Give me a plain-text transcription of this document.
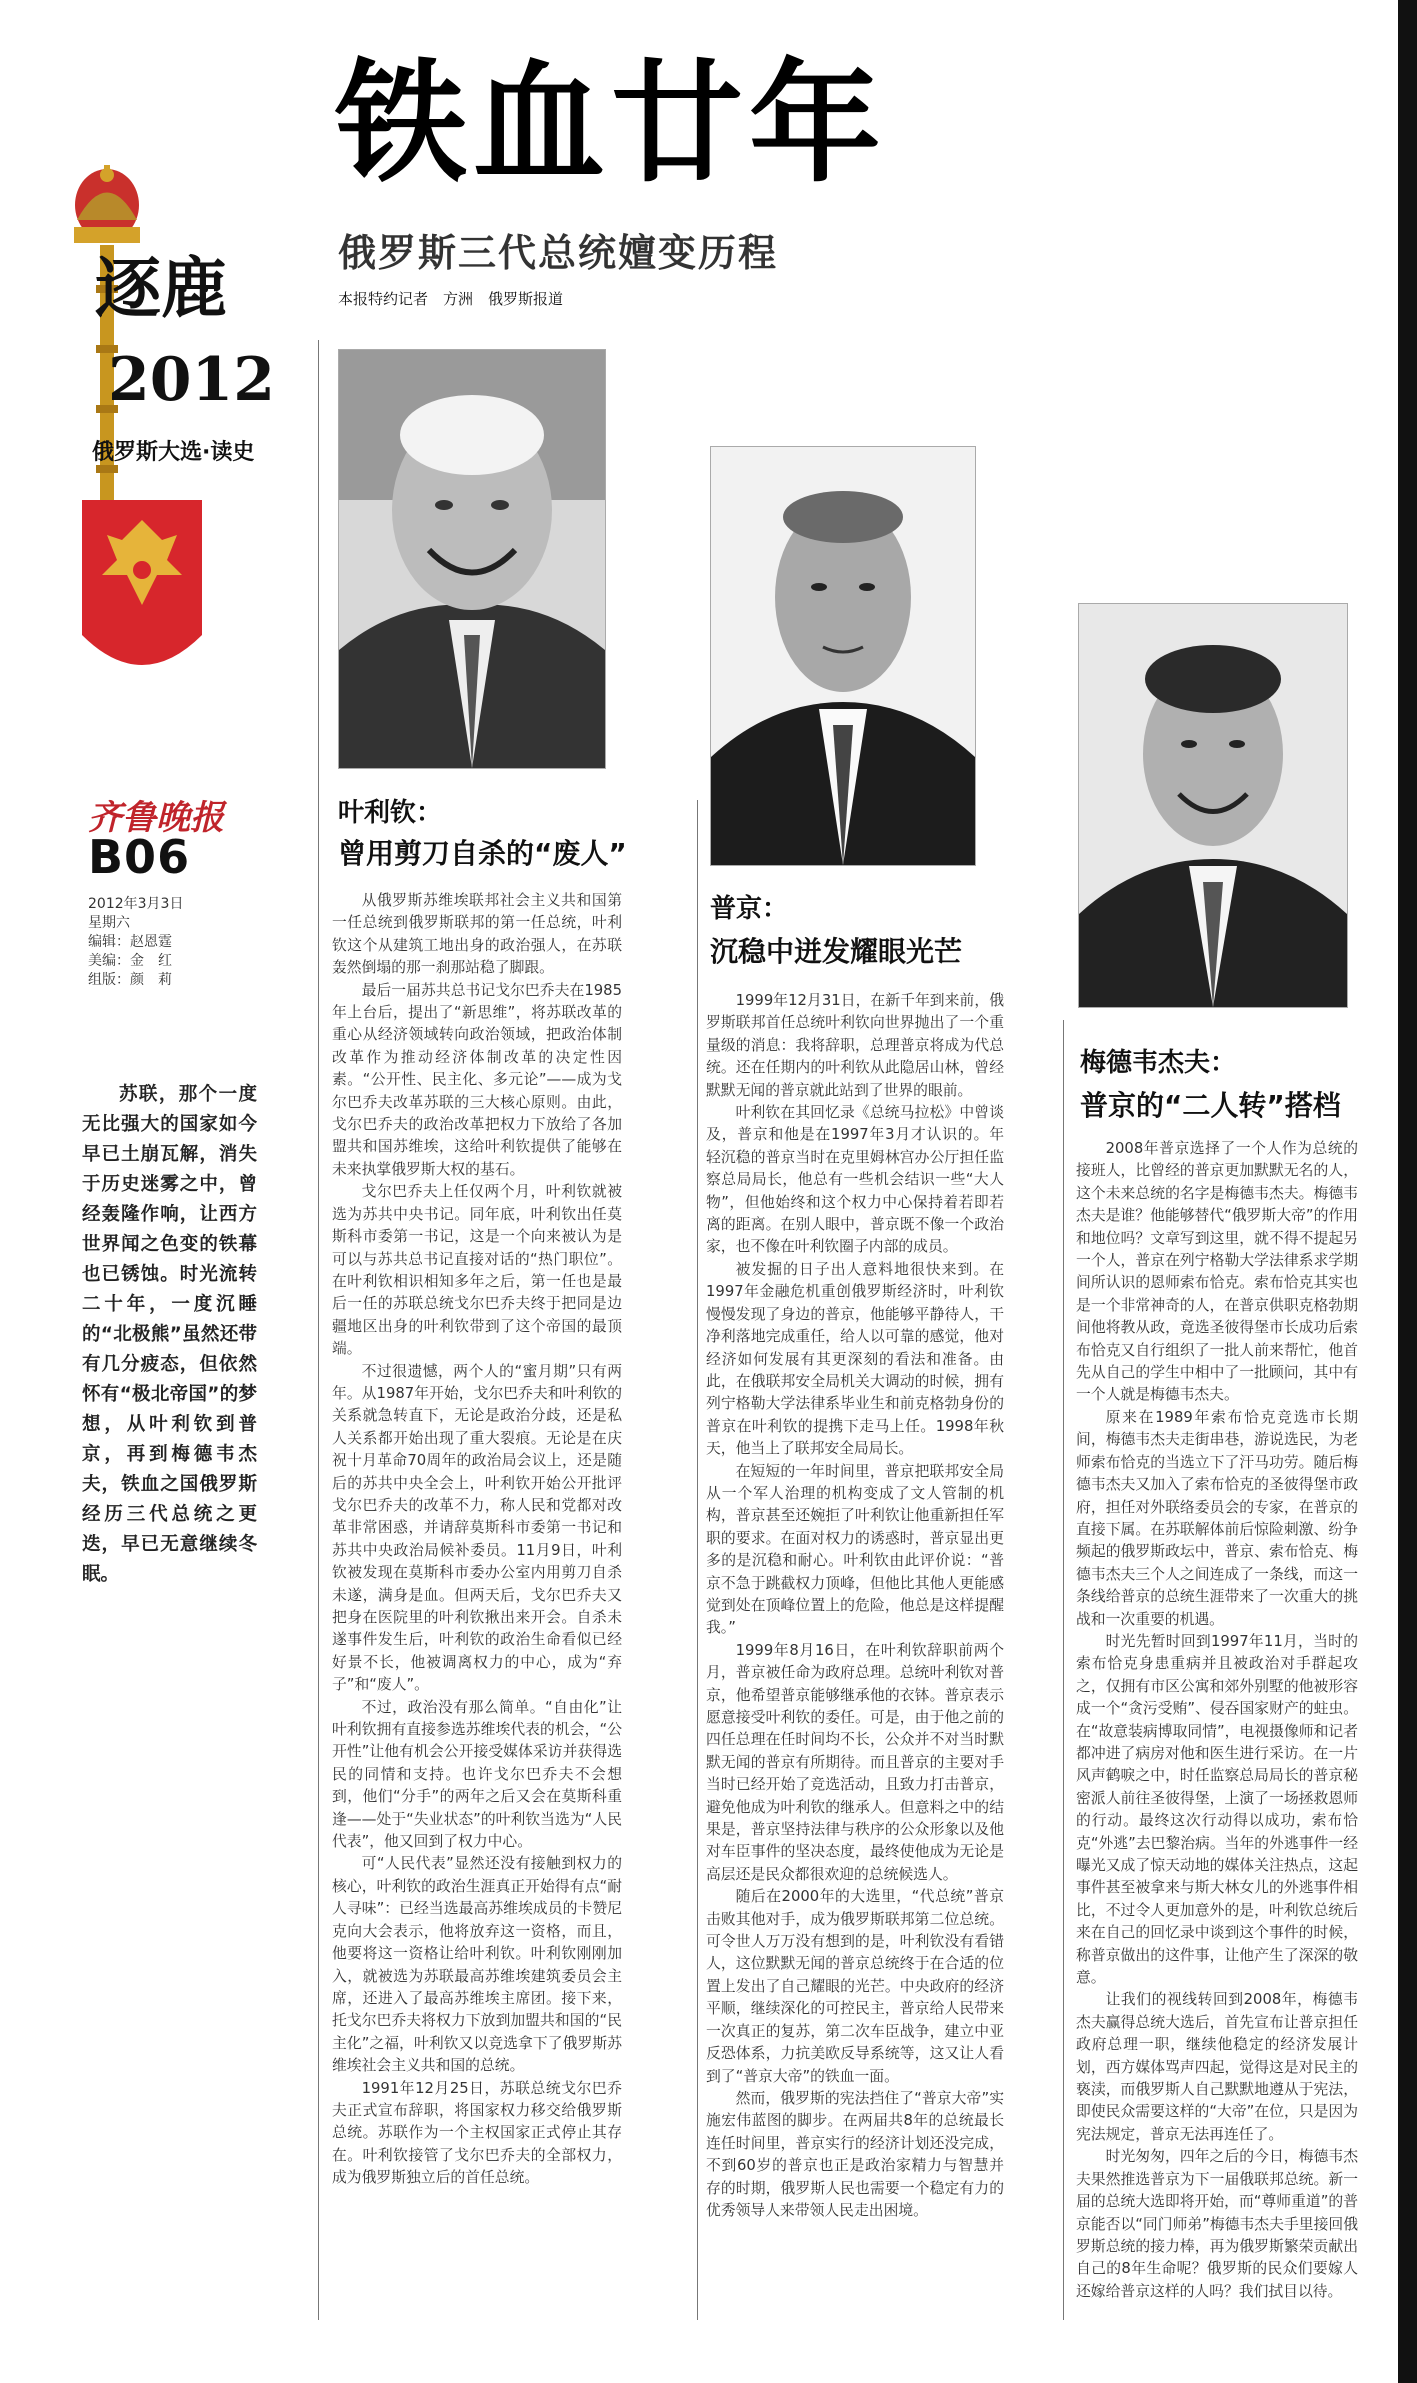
逐鹿
2012
俄罗斯大选·读史
铁血廿年
俄罗斯三代总统嬗变历程
本报特约记者　方洲　俄罗斯报道
齐鲁晚报
B06
2012年3月3日
星期六
编辑：赵恩霆
美编：金　红
组版：颜　莉
苏联，那个一度无比强大的国家如今早已土崩瓦解，消失于历史迷雾之中，曾经轰隆作响，让西方世界闻之色变的铁幕也已锈蚀。时光流转二十年，一度沉睡的“北极熊”虽然还带有几分疲态，但依然怀有“极北帝国”的梦想，从叶利钦到普京，再到梅德韦杰夫，铁血之国俄罗斯经历三代总统之更迭，早已无意继续冬眠。
叶利钦：
曾用剪刀自杀的“废人”
普京：
沉稳中迸发耀眼光芒
梅德韦杰夫：
普京的“二人转”搭档

从俄罗斯苏维埃联邦社会主义共和国第一任总统到俄罗斯联邦的第一任总统，叶利钦这个从建筑工地出身的政治强人，在苏联轰然倒塌的那一刹那站稳了脚跟。

最后一届苏共总书记戈尔巴乔夫在1985年上台后，提出了“新思维”，将苏联改革的重心从经济领域转向政治领域，把政治体制改革作为推动经济体制改革的决定性因素。“公开性、民主化、多元论”——成为戈尔巴乔夫改革苏联的三大核心原则。由此，戈尔巴乔夫的政治改革把权力下放给了各加盟共和国苏维埃，这给叶利钦提供了能够在未来执掌俄罗斯大权的基石。

戈尔巴乔夫上任仅两个月，叶利钦就被选为苏共中央书记。同年底，叶利钦出任莫斯科市委第一书记，这是一个向来被认为是可以与苏共总书记直接对话的“热门职位”。在叶利钦相识相知多年之后，第一任也是最后一任的苏联总统戈尔巴乔夫终于把同是边疆地区出身的叶利钦带到了这个帝国的最顶端。

不过很遗憾，两个人的“蜜月期”只有两年。从1987年开始，戈尔巴乔夫和叶利钦的关系就急转直下，无论是政治分歧，还是私人关系都开始出现了重大裂痕。无论是在庆祝十月革命70周年的政治局会议上，还是随后的苏共中央全会上，叶利钦开始公开批评戈尔巴乔夫的改革不力，称人民和党都对改革非常困惑，并请辞莫斯科市委第一书记和苏共中央政治局候补委员。11月9日，叶利钦被发现在莫斯科市委办公室内用剪刀自杀未遂，满身是血。但两天后，戈尔巴乔夫又把身在医院里的叶利钦揪出来开会。自杀未遂事件发生后，叶利钦的政治生命看似已经好景不长，他被调离权力的中心，成为“弃子”和“废人”。

不过，政治没有那么简单。“自由化”让叶利钦拥有直接参选苏维埃代表的机会，“公开性”让他有机会公开接受媒体采访并获得选民的同情和支持。也许戈尔巴乔夫不会想到，他们“分手”的两年之后又会在莫斯科重逢——处于“失业状态”的叶利钦当选为“人民代表”，他又回到了权力中心。

可“人民代表”显然还没有接触到权力的核心，叶利钦的政治生涯真正开始得有点“耐人寻味”：已经当选最高苏维埃成员的卡赞尼克向大会表示，他将放弃这一资格，而且，他要将这一资格让给叶利钦。叶利钦刚刚加入，就被选为苏联最高苏维埃建筑委员会主席，还进入了最高苏维埃主席团。接下来，托戈尔巴乔夫将权力下放到加盟共和国的“民主化”之福，叶利钦又以竞选拿下了俄罗斯苏维埃社会主义共和国的总统。

1991年12月25日，苏联总统戈尔巴乔夫正式宣布辞职，将国家权力移交给俄罗斯总统。苏联作为一个主权国家正式停止其存在。叶利钦接管了戈尔巴乔夫的全部权力，成为俄罗斯独立后的首任总统。

1999年12月31日，在新千年到来前，俄罗斯联邦首任总统叶利钦向世界抛出了一个重量级的消息：我将辞职，总理普京将成为代总统。还在任期内的叶利钦从此隐居山林，曾经默默无闻的普京就此站到了世界的眼前。

叶利钦在其回忆录《总统马拉松》中曾谈及，普京和他是在1997年3月才认识的。年轻沉稳的普京当时在克里姆林宫办公厅担任监察总局局长，他总有一些机会结识一些“大人物”，但他始终和这个权力中心保持着若即若离的距离。在别人眼中，普京既不像一个政治家，也不像在叶利钦圈子内部的成员。

被发掘的日子出人意料地很快来到。在1997年金融危机重创俄罗斯经济时，叶利钦慢慢发现了身边的普京，他能够平静待人，干净利落地完成重任，给人以可靠的感觉，他对经济如何发展有其更深刻的看法和准备。由此，在俄联邦安全局机关大调动的时候，拥有列宁格勒大学法律系毕业生和前克格勃身份的普京在叶利钦的提携下走马上任。1998年秋天，他当上了联邦安全局局长。

在短短的一年时间里，普京把联邦安全局从一个军人治理的机构变成了文人管制的机构，普京甚至还婉拒了叶利钦让他重新担任军职的要求。在面对权力的诱惑时，普京显出更多的是沉稳和耐心。叶利钦由此评价说：“普京不急于跳截权力顶峰，但他比其他人更能感觉到处在顶峰位置上的危险，他总是这样提醒我。”

1999年8月16日，在叶利钦辞职前两个月，普京被任命为政府总理。总统叶利钦对普京，他希望普京能够继承他的衣钵。普京表示愿意接受叶利钦的委任。可是，由于他之前的四任总理在任时间均不长，公众并不对当时默默无闻的普京有所期待。而且普京的主要对手当时已经开始了竞选活动，且致力打击普京，避免他成为叶利钦的继承人。但意料之中的结果是，普京坚持法律与秩序的公众形象以及他对车臣事件的坚决态度，最终使他成为无论是高层还是民众都很欢迎的总统候选人。

随后在2000年的大选里，“代总统”普京击败其他对手，成为俄罗斯联邦第二位总统。可令世人万万没有想到的是，叶利钦没有看错人，这位默默无闻的普京总统终于在合适的位置上发出了自己耀眼的光芒。中央政府的经济平顺，继续深化的可控民主，普京给人民带来一次真正的复苏，第二次车臣战争，建立中亚反恐体系，力抗美欧反导系统等，这又让人看到了“普京大帝”的铁血一面。

然而，俄罗斯的宪法挡住了“普京大帝”实施宏伟蓝图的脚步。在两届共8年的总统最长连任时间里，普京实行的经济计划还没完成，不到60岁的普京也正是政治家精力与智慧并存的时期，俄罗斯人民也需要一个稳定有力的优秀领导人来带领人民走出困境。

2008年普京选择了一个人作为总统的接班人，比曾经的普京更加默默无名的人，这个未来总统的名字是梅德韦杰夫。梅德韦杰夫是谁？他能够替代“俄罗斯大帝”的作用和地位吗？文章写到这里，就不得不提起另一个人，普京在列宁格勒大学法律系求学期间所认识的恩师索布恰克。索布恰克其实也是一个非常神奇的人，在普京供职克格勃期间他将教从政，竟选圣彼得堡市长成功后索布恰克又自行组织了一批人前来帮忙，他首先从自己的学生中相中了一批顾问，其中有一个人就是梅德韦杰夫。

原来在1989年索布恰克竞选市长期间，梅德韦杰夫走街串巷，游说选民，为老师索布恰克的当选立下了汗马功劳。随后梅德韦杰夫又加入了索布恰克的圣彼得堡市政府，担任对外联络委员会的专家，在普京的直接下属。在苏联解体前后惊险刺激、纷争频起的俄罗斯政坛中，普京、索布恰克、梅德韦杰夫三个人之间连成了一条线，而这一条线给普京的总统生涯带来了一次重大的挑战和一次重要的机遇。

时光先暂时回到1997年11月，当时的索布恰克身患重病并且被政治对手群起攻之，仅拥有市区公寓和郊外别墅的他被形容成一个“贪污受贿”、侵吞国家财产的蛀虫。在“故意装病博取同情”，电视摄像师和记者都冲进了病房对他和医生进行采访。在一片风声鹤唳之中，时任监察总局局长的普京秘密派人前往圣彼得堡，上演了一场拯救恩师的行动。最终这次行动得以成功，索布恰克“外逃”去巴黎治病。当年的外逃事件一经曝光又成了惊天动地的媒体关注热点，这起事件甚至被拿来与斯大林女儿的外逃事件相比，不过令人更加意外的是，叶利钦总统后来在自己的回忆录中谈到这个事件的时候，称普京做出的这件事，让他产生了深深的敬意。

让我们的视线转回到2008年，梅德韦杰夫赢得总统大选后，首先宣布让普京担任政府总理一职，继续他稳定的经济发展计划，西方媒体骂声四起，觉得这是对民主的亵渎，而俄罗斯人自己默默地遵从于宪法，即使民众需要这样的“大帝”在位，只是因为宪法规定，普京无法再连任了。

时光匆匆，四年之后的今日，梅德韦杰夫果然推选普京为下一届俄联邦总统。新一届的总统大选即将开始，而“尊师重道”的普京能否以“同门师弟”梅德韦杰夫手里接回俄罗斯总统的接力棒，再为俄罗斯繁荣贡献出自己的8年生命呢？俄罗斯的民众们要嫁人还嫁给普京这样的人吗？我们拭目以待。
